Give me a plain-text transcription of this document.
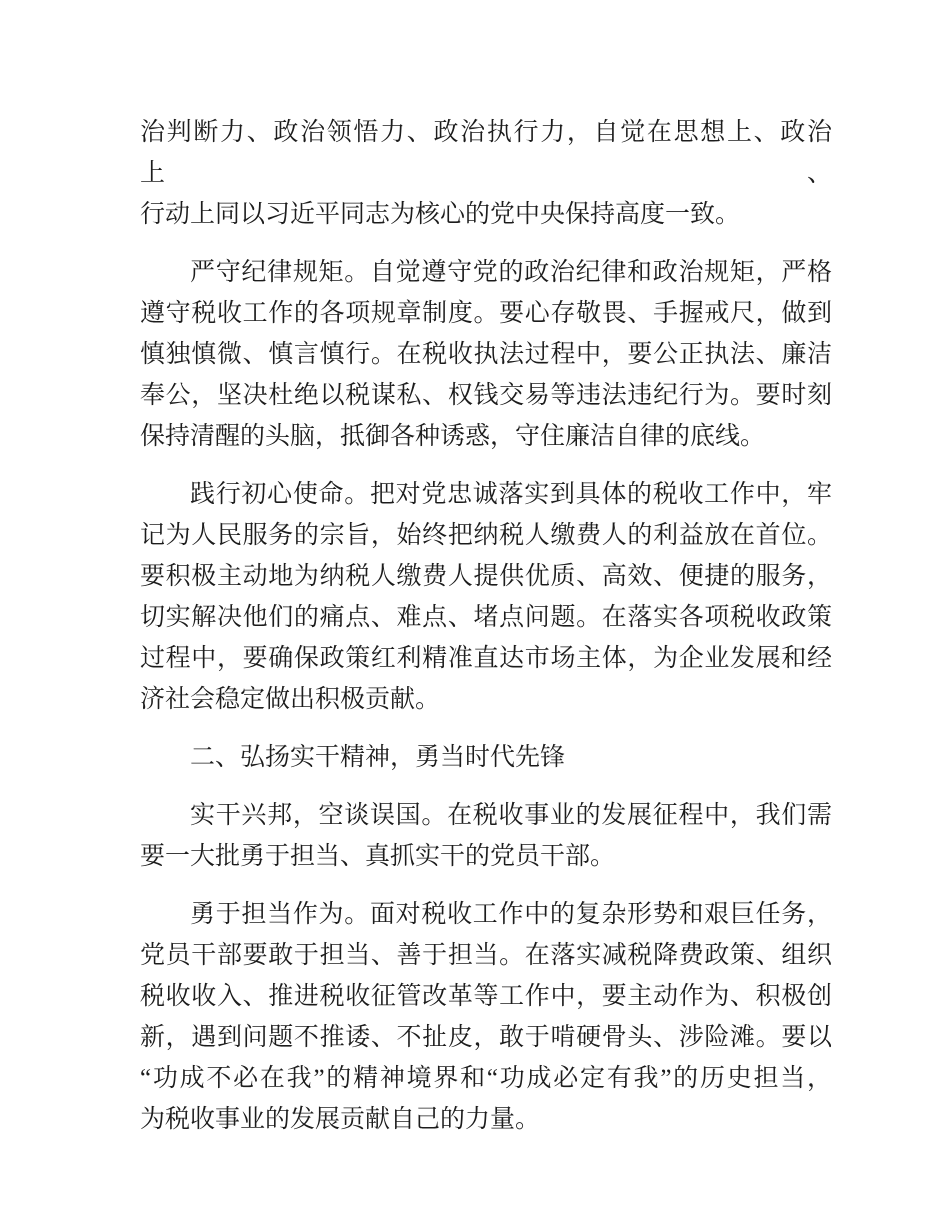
治判断力、政治领悟力、政治执行力，自觉在思想上、政治上、
行动上同以习近平同志为核心的党中央保持高度一致。
严守纪律规矩。自觉遵守党的政治纪律和政治规矩，严格
遵守税收工作的各项规章制度。要心存敬畏、手握戒尺，做到
慎独慎微、慎言慎行。在税收执法过程中，要公正执法、廉洁
奉公，坚决杜绝以税谋私、权钱交易等违法违纪行为。要时刻
保持清醒的头脑，抵御各种诱惑，守住廉洁自律的底线。
践行初心使命。把对党忠诚落实到具体的税收工作中，牢
记为人民服务的宗旨，始终把纳税人缴费人的利益放在首位。
要积极主动地为纳税人缴费人提供优质、高效、便捷的服务，
切实解决他们的痛点、难点、堵点问题。在落实各项税收政策
过程中，要确保政策红利精准直达市场主体，为企业发展和经
济社会稳定做出积极贡献。
二、弘扬实干精神，勇当时代先锋
实干兴邦，空谈误国。在税收事业的发展征程中，我们需
要一大批勇于担当、真抓实干的党员干部。
勇于担当作为。面对税收工作中的复杂形势和艰巨任务，
党员干部要敢于担当、善于担当。在落实减税降费政策、组织
税收收入、推进税收征管改革等工作中，要主动作为、积极创
新，遇到问题不推诿、不扯皮，敢于啃硬骨头、涉险滩。要以
“功成不必在我”的精神境界和“功成必定有我”的历史担当，
为税收事业的发展贡献自己的力量。
